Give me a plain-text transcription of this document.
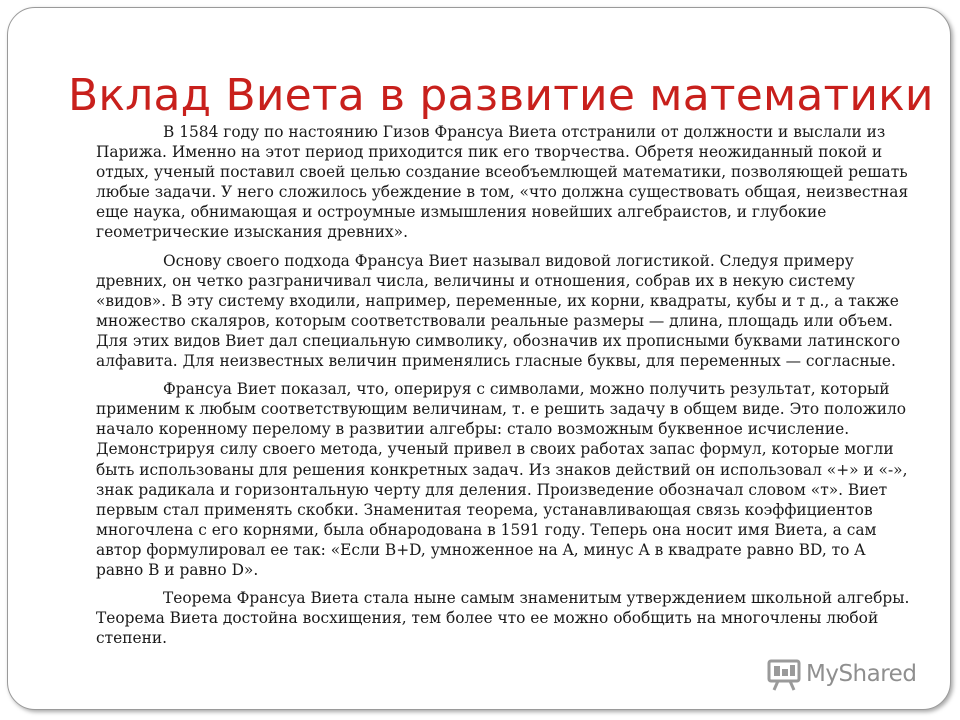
Вклад Виета в развитие математики

В 1584 году по настоянию Гизов Франсуа Виета отстранили от должности и выслали из Парижа. Именно на этот период приходится пик его творчества. Обретя неожиданный покой и отдых, ученый поставил своей целью создание всеобъемлющей математики, позволяющей решать любые задачи. У него сложилось убеждение в том, «что должна существовать общая, неизвестная еще наука, обнимающая и остроумные измышления новейших алгебраистов, и глубокие геометрические изыскания древних».

Основу своего подхода Франсуа Виет называл видовой логистикой. Следуя примеру древних, он четко разграничивал числа, величины и отношения, собрав их в некую систему «видов». В эту систему входили, например, переменные, их корни, квадраты, кубы и т д., а также множество скаляров, которым соответствовали реальные размеры — длина, площадь или объем. Для этих видов Виет дал специальную символику, обозначив их прописными буквами латинского алфавита. Для неизвестных величин применялись гласные буквы, для переменных — согласные.

Франсуа Виет показал, что, оперируя с символами, можно получить результат, который применим к любым соответствующим величинам, т. е решить задачу в общем виде. Это положило начало коренному перелому в развитии алгебры: стало возможным буквенное исчисление. Демонстрируя силу своего метода, ученый привел в своих работах запас формул, которые могли быть использованы для решения конкретных задач. Из знаков действий он использовал «+» и «-», знак радикала и горизонтальную черту для деления. Произведение обозначал словом «т». Виет первым стал применять скобки. Знаменитая теорема, устанавливающая связь коэффициентов многочлена с его корнями, была обнародована в 1591 году. Теперь она носит имя Виета, а сам автор формулировал ее так: «Если B+D, умноженное на A, минус A в квадрате равно BD, то A равно B и равно D».

Теорема Франсуа Виета стала ныне самым знаменитым утверждением школьной алгебры. Теорема Виета достойна восхищения, тем более что ее можно обобщить на многочлены любой степени.

MyShared
